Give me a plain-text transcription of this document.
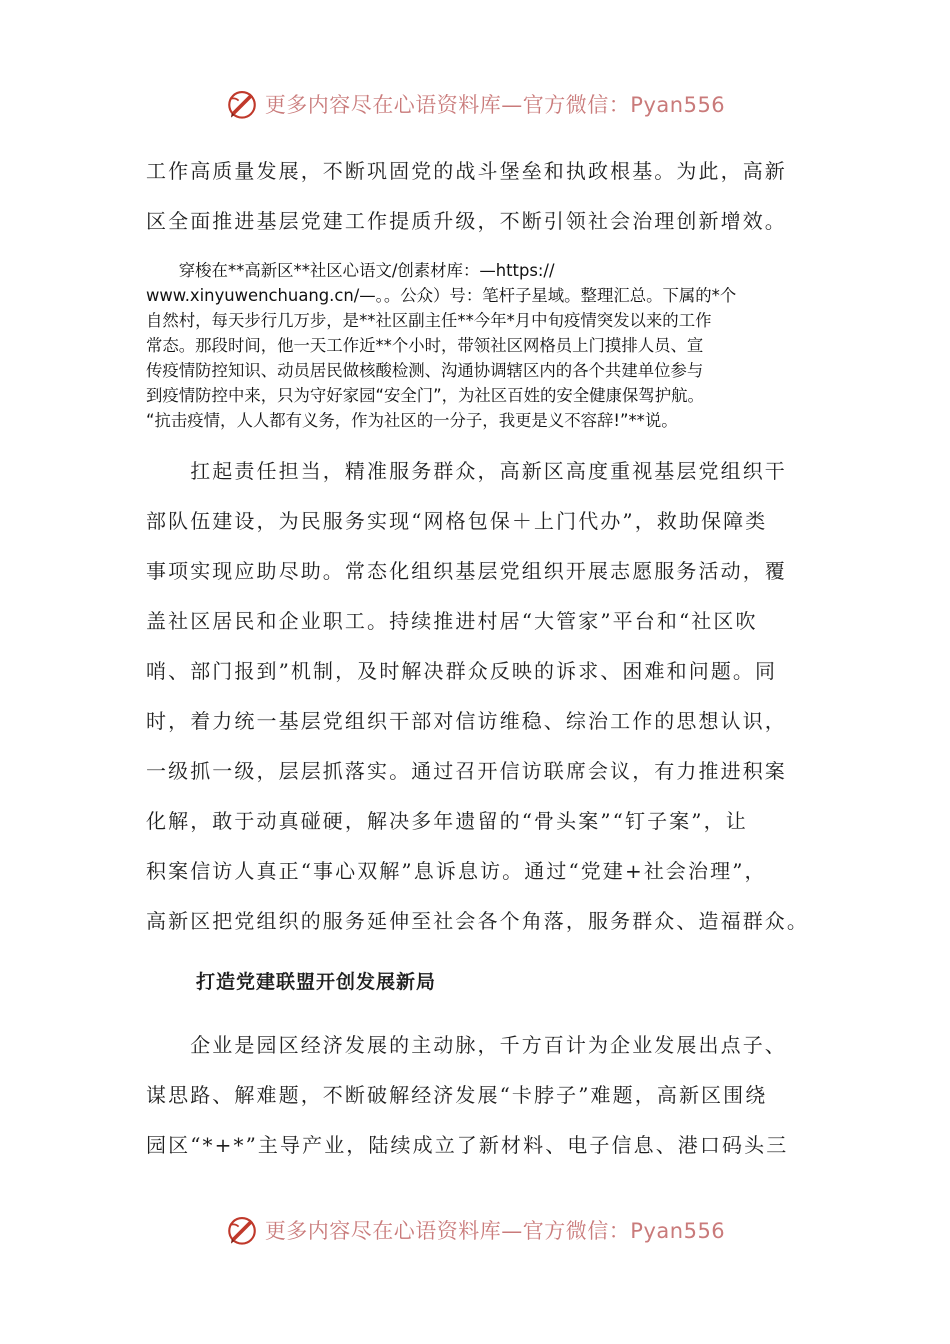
更多内容尽在心语资料库—官方微信：Pyan556
工作高质量发展，不断巩固党的战斗堡垒和执政根基。为此，高新
区全面推进基层党建工作提质升级，不断引领社会治理创新增效。
　　穿梭在**高新区**社区心语文/创素材库：—https://
www.xinyuwenchuang.cn/—。。公众）号：笔杆子星域。整理汇总。下属的*个
自然村，每天步行几万步，是**社区副主任**今年*月中旬疫情突发以来的工作
常态。那段时间，他一天工作近**个小时，带领社区网格员上门摸排人员、宣
传疫情防控知识、动员居民做核酸检测、沟通协调辖区内的各个共建单位参与
到疫情防控中来，只为守好家园“安全门”，为社区百姓的安全健康保驾护航。
“抗击疫情，人人都有义务，作为社区的一分子，我更是义不容辞!”**说。
　　扛起责任担当，精准服务群众，高新区高度重视基层党组织干
部队伍建设，为民服务实现“网格包保＋上门代办”，救助保障类
事项实现应助尽助。常态化组织基层党组织开展志愿服务活动，覆
盖社区居民和企业职工。持续推进村居“大管家”平台和“社区吹
哨、部门报到”机制，及时解决群众反映的诉求、困难和问题。同
时，着力统一基层党组织干部对信访维稳、综治工作的思想认识，
一级抓一级，层层抓落实。通过召开信访联席会议，有力推进积案
化解，敢于动真碰硬，解决多年遗留的“骨头案”“钉子案”，让
积案信访人真正“事心双解”息诉息访。通过“党建+社会治理”，
高新区把党组织的服务延伸至社会各个角落，服务群众、造福群众。
打造党建联盟开创发展新局
　　企业是园区经济发展的主动脉，千方百计为企业发展出点子、
谋思路、解难题，不断破解经济发展“卡脖子”难题，高新区围绕
园区“*+*”主导产业，陆续成立了新材料、电子信息、港口码头三
更多内容尽在心语资料库—官方微信：Pyan556
